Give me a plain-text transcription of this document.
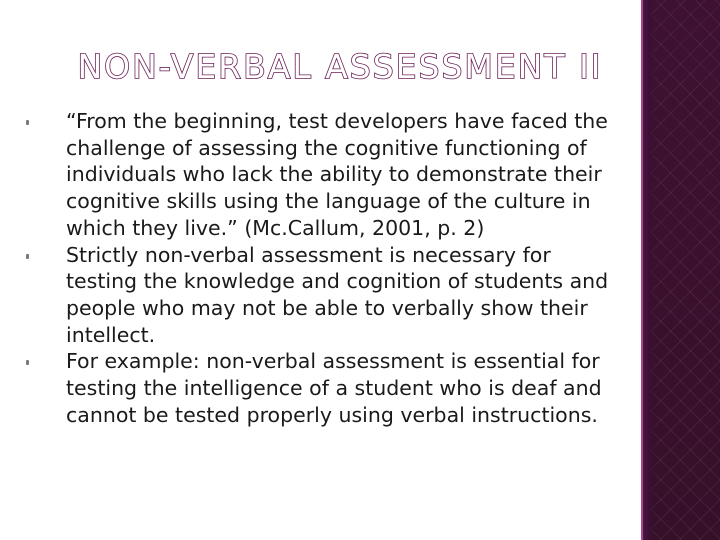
NON-VERBAL ASSESSMENT II
“From the beginning, test developers have faced the challenge of assessing the cognitive functioning of individuals who lack the ability to demonstrate their cognitive skills using the language of the culture in which they live.” (Mc.Callum, 2001, p. 2)
Strictly non-verbal assessment is necessary for testing the knowledge and cognition of students and people who may not be able to verbally show their intellect.
For example: non-verbal assessment is essential for testing the intelligence of a student who is deaf and cannot be tested properly using verbal instructions.
